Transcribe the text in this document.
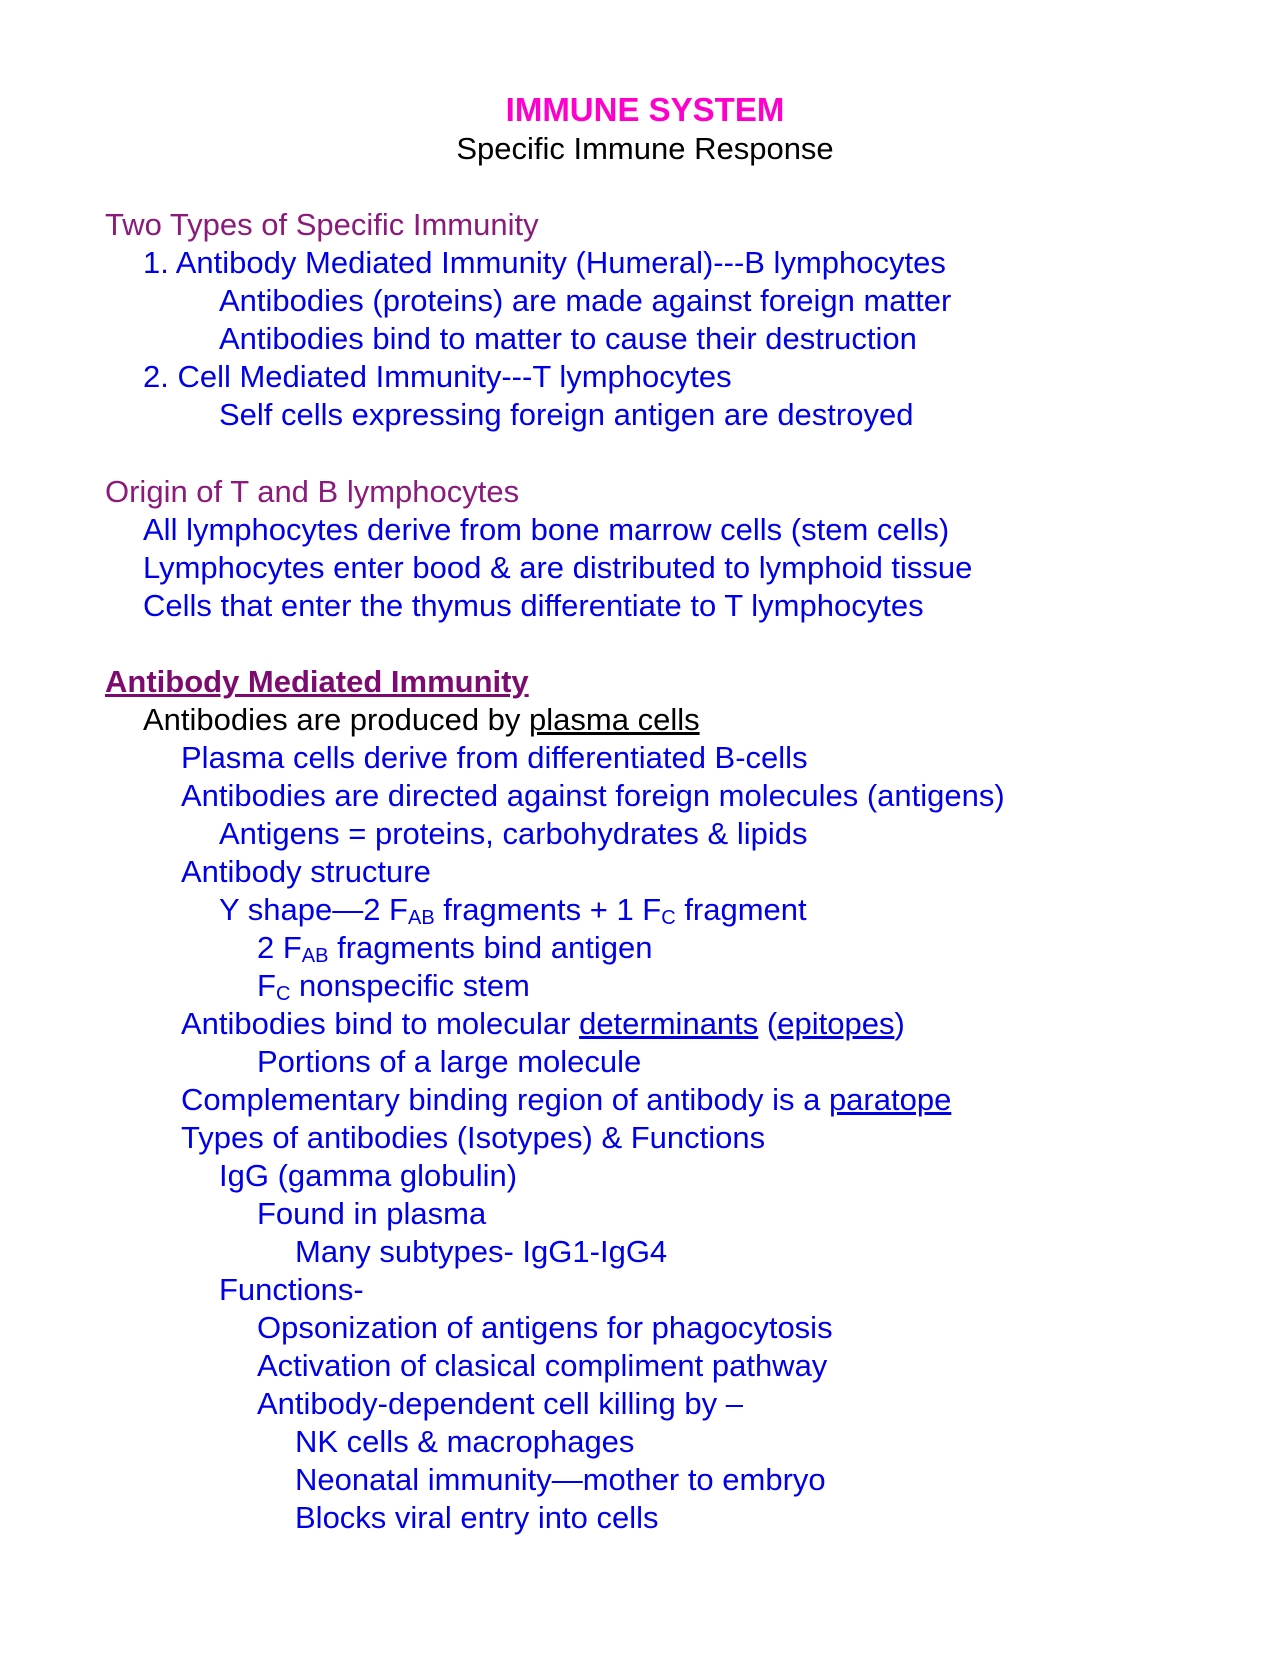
IMMUNE SYSTEM
Specific Immune Response
Two Types of Specific Immunity
1. Antibody Mediated Immunity (Humeral)---B lymphocytes
Antibodies (proteins) are made against foreign matter
Antibodies bind to matter to cause their destruction
2. Cell Mediated Immunity---T lymphocytes
Self cells expressing foreign antigen are destroyed
Origin of T and B lymphocytes
All lymphocytes derive from bone marrow cells (stem cells)
Lymphocytes enter bood & are distributed to lymphoid tissue
Cells that enter the thymus differentiate to T lymphocytes
Antibody Mediated Immunity
Antibodies are produced by plasma cells
Plasma cells derive from differentiated B-cells
Antibodies are directed against foreign molecules (antigens)
Antigens = proteins, carbohydrates & lipids
Antibody structure
Y shape—2 $F_{AB}$ fragments + 1 $F_C$ fragment
2 $F_{AB}$ fragments bind antigen
$F_C$ nonspecific stem
Antibodies bind to molecular determinants (epitopes)
Portions of a large molecule
Complementary binding region of antibody is a paratope
Types of antibodies (Isotypes) & Functions
IgG (gamma globulin)
Found in plasma
Many subtypes- IgG1-IgG4
Functions-
Opsonization of antigens for phagocytosis
Activation of clasical compliment pathway
Antibody-dependent cell killing by –
NK cells & macrophages
Neonatal immunity—mother to embryo
Blocks viral entry into cells
